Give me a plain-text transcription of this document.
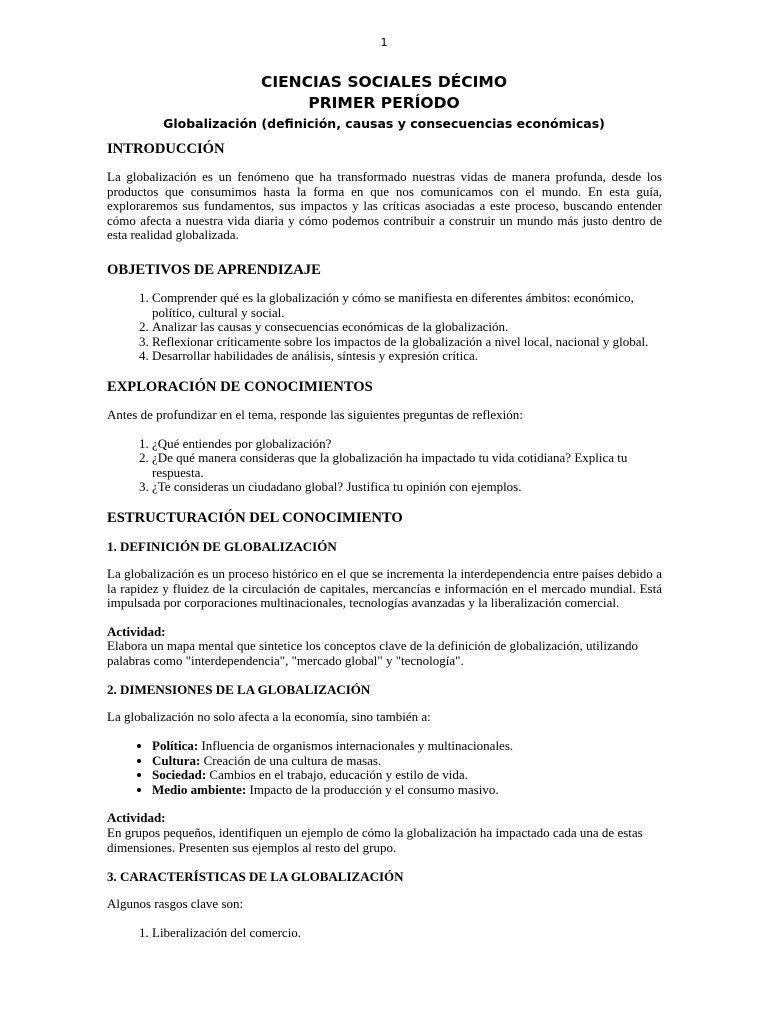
1
CIENCIAS SOCIALES DÉCIMO
PRIMER PERÍODO
Globalización (definición, causas y consecuencias económicas)
INTRODUCCIÓN

La globalización es un fenómeno que ha transformado nuestras vidas de manera profunda, desde los productos que consumimos hasta la forma en que nos comunicamos con el mundo. En esta guía, exploraremos sus fundamentos, sus impactos y las críticas asociadas a este proceso, buscando entender cómo afecta a nuestra vida diaria y cómo podemos contribuir a construir un mundo más justo dentro de esta realidad globalizada.

OBJETIVOS DE APRENDIZAJE
1. Comprender qué es la globalización y cómo se manifiesta en diferentes ámbitos: económico, político, cultural y social.
2. Analizar las causas y consecuencias económicas de la globalización.
3. Reflexionar críticamente sobre los impactos de la globalización a nivel local, nacional y global.
4. Desarrollar habilidades de análisis, síntesis y expresión crítica.
EXPLORACIÓN DE CONOCIMIENTOS

Antes de profundizar en el tema, responde las siguientes preguntas de reflexión:

1. ¿Qué entiendes por globalización?
2. ¿De qué manera consideras que la globalización ha impactado tu vida cotidiana? Explica tu respuesta.
3. ¿Te consideras un ciudadano global? Justifica tu opinión con ejemplos.
ESTRUCTURACIÓN DEL CONOCIMIENTO
1. DEFINICIÓN DE GLOBALIZACIÓN

La globalización es un proceso histórico en el que se incrementa la interdependencia entre países debido a la rapidez y fluidez de la circulación de capitales, mercancías e información en el mercado mundial. Está impulsada por corporaciones multinacionales, tecnologías avanzadas y la liberalización comercial.

Actividad:
Elabora un mapa mental que sintetice los conceptos clave de la definición de globalización, utilizando palabras como "interdependencia", "mercado global" y "tecnología".
2. DIMENSIONES DE LA GLOBALIZACIÓN

La globalización no solo afecta a la economía, sino también a:

• Política: Influencia de organismos internacionales y multinacionales.
• Cultura: Creación de una cultura de masas.
• Sociedad: Cambios en el trabajo, educación y estilo de vida.
• Medio ambiente: Impacto de la producción y el consumo masivo.
Actividad:
En grupos pequeños, identifiquen un ejemplo de cómo la globalización ha impactado cada una de estas dimensiones. Presenten sus ejemplos al resto del grupo.
3. CARACTERÍSTICAS DE LA GLOBALIZACIÓN

Algunos rasgos clave son:

1. Liberalización del comercio.
